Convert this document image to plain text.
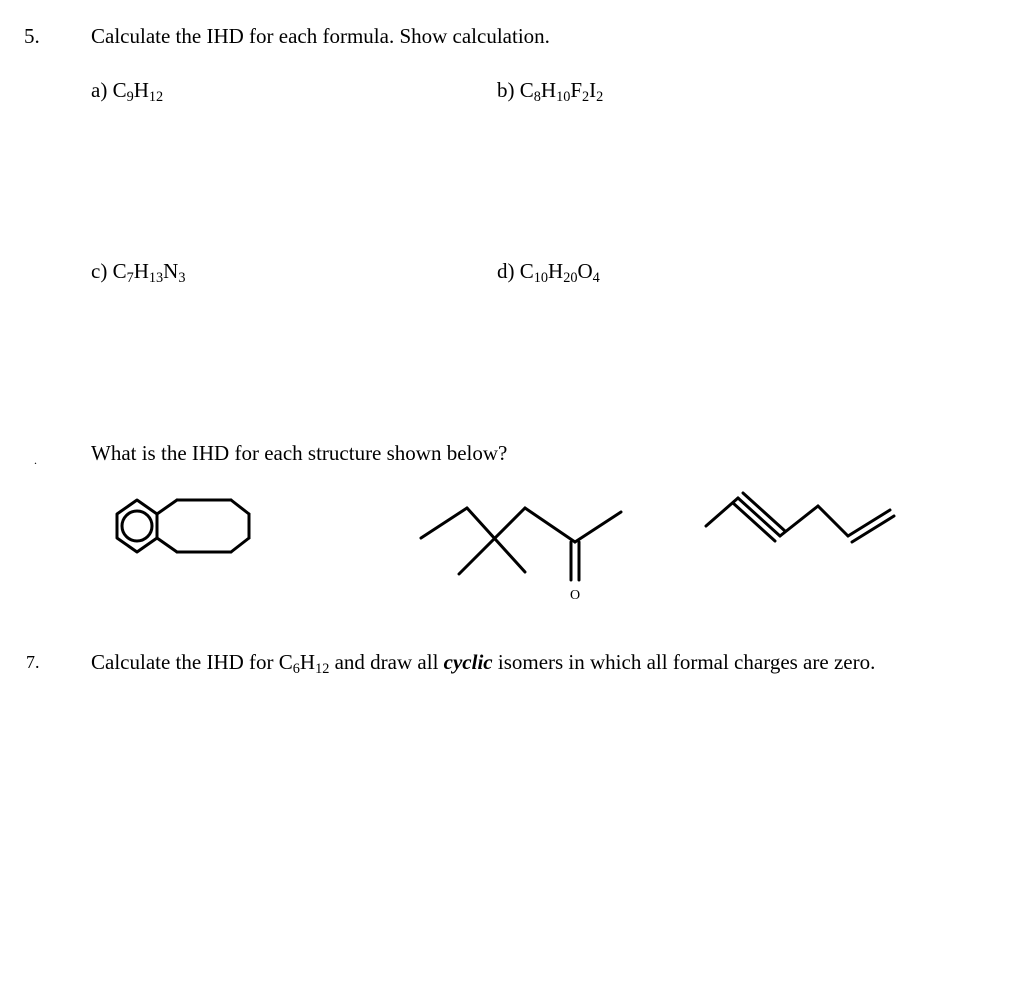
5. Calculate the IHD for each formula. Show calculation.
a) $C_9H_{12}$	b) $C_8H_{10}F_2I_2$
c) $C_7H_{13}N_3$	d) $C_{10}H_{20}O_4$
.	What is the IHD for each structure shown below?
O
7. Calculate the IHD for $C_6H_{12}$ and draw all cyclic isomers in which all formal charges are zero.
